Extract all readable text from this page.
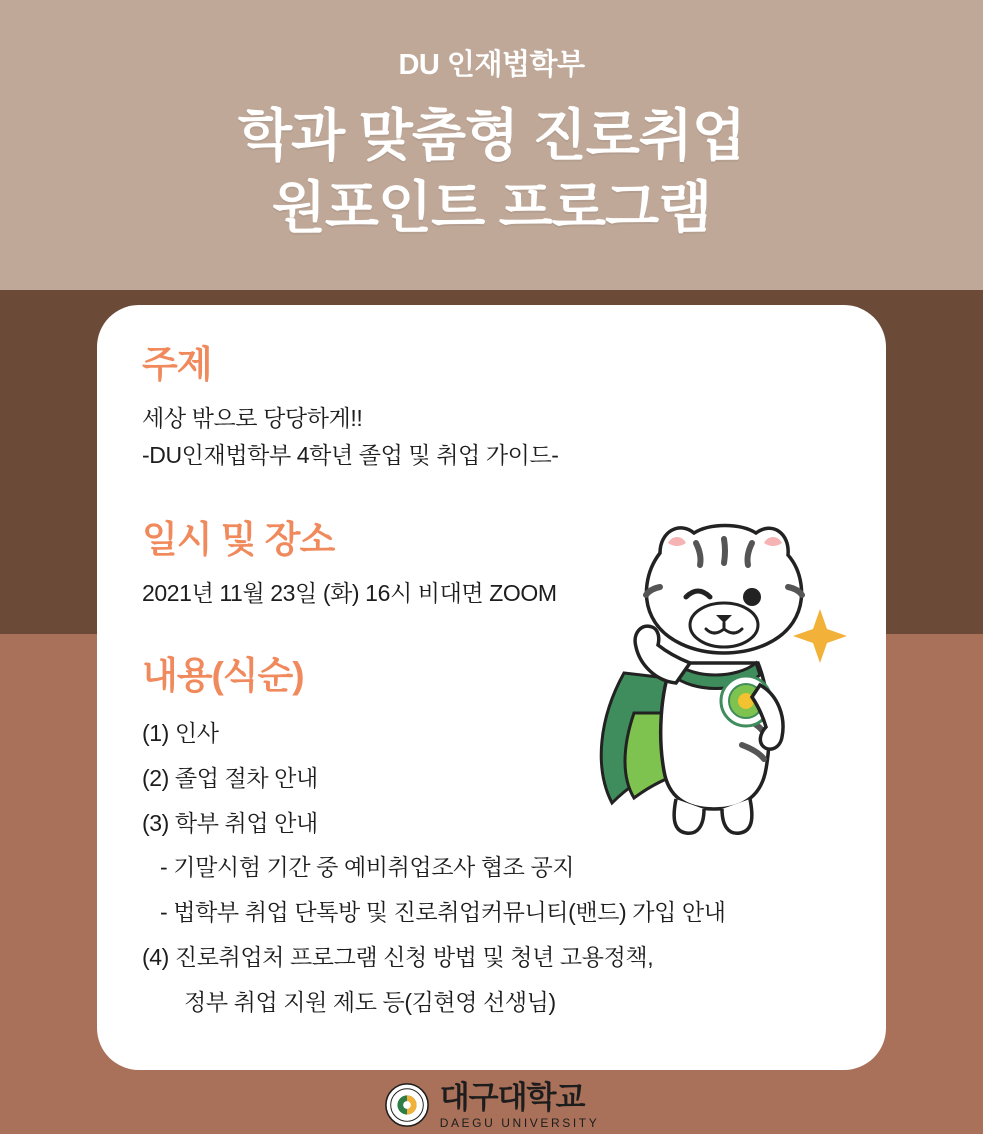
DU 인재법학부
학과 맞춤형 진로취업
원포인트 프로그램
주제

세상 밖으로 당당하게!!

-DU인재법학부 4학년 졸업 및 취업 가이드-

일시 및 장소

2021년 11월 23일 (화) 16시 비대면 ZOOM

내용(식순)
(1) 인사
(2) 졸업 절차 안내
(3) 학부 취업 안내
- 기말시험 기간 중 예비취업조사 협조 공지
- 법학부 취업 단톡방 및 진로취업커뮤니티(밴드) 가입 안내
(4) 진로취업처 프로그램 신청 방법 및 청년 고용정책,
정부 취업 지원 제도 등(김현영 선생님)
대구대학교
DAEGU UNIVERSITY
